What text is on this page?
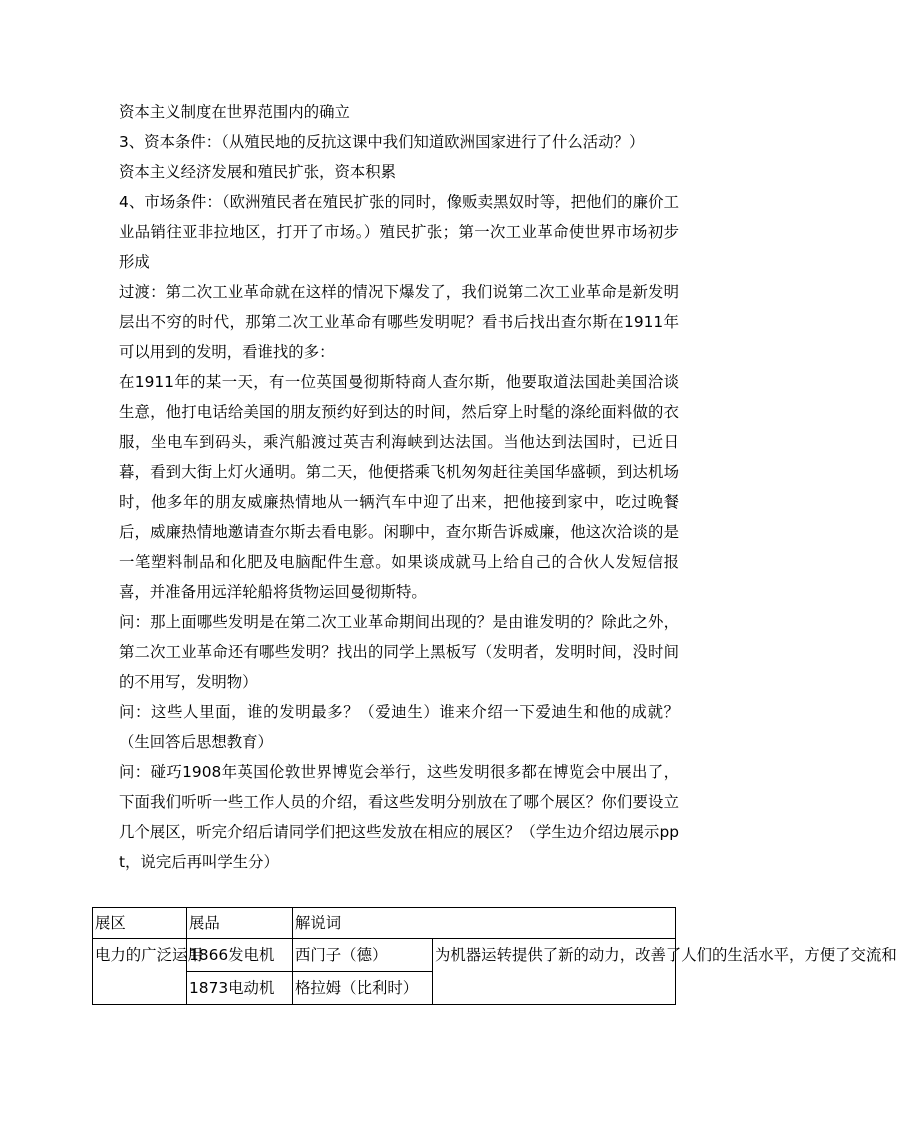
资本主义制度在世界范围内的确立

3、资本条件：（从殖民地的反抗这课中我们知道欧洲国家进行了什么活动？）

资本主义经济发展和殖民扩张，资本积累

4、市场条件：（欧洲殖民者在殖民扩张的同时，像贩卖黑奴时等，把他们的廉价工业品销往亚非拉地区，打开了市场。）殖民扩张；第一次工业革命使世界市场初步形成

过渡：第二次工业革命就在这样的情况下爆发了，我们说第二次工业革命是新发明层出不穷的时代，那第二次工业革命有哪些发明呢？看书后找出查尔斯在1911年可以用到的发明，看谁找的多：

在1911年的某一天，有一位英国曼彻斯特商人查尔斯，他要取道法国赴美国洽谈生意，他打电话给美国的朋友预约好到达的时间，然后穿上时髦的涤纶面料做的衣服，坐电车到码头，乘汽船渡过英吉利海峡到达法国。当他达到法国时，已近日暮，看到大街上灯火通明。第二天，他便搭乘飞机匆匆赶往美国华盛顿，到达机场时，他多年的朋友威廉热情地从一辆汽车中迎了出来，把他接到家中，吃过晚餐后，威廉热情地邀请查尔斯去看电影。闲聊中，查尔斯告诉威廉，他这次洽谈的是一笔塑料制品和化肥及电脑配件生意。如果谈成就马上给自己的合伙人发短信报喜，并准备用远洋轮船将货物运回曼彻斯特。

问：那上面哪些发明是在第二次工业革命期间出现的？是由谁发明的？除此之外，第二次工业革命还有哪些发明？找出的同学上黑板写（发明者，发明时间，没时间的不用写，发明物）

问：这些人里面，谁的发明最多？（爱迪生）谁来介绍一下爱迪生和他的成就？（生回答后思想教育）

问：碰巧1908年英国伦敦世界博览会举行，这些发明很多都在博览会中展出了，下面我们听听一些工作人员的介绍，看这些发明分别放在了哪个展区？你们要设立几个展区，听完介绍后请同学们把这些发放在相应的展区？（学生边介绍边展示ppt，说完后再叫学生分）

展区	展品	解说词	
电力的广泛运用	1866发电机	西门子（德）	为机器运转提供了新的动力，改善了人们的生活水平，方便了交流和
	1873电动机	格拉姆（比利时）	
